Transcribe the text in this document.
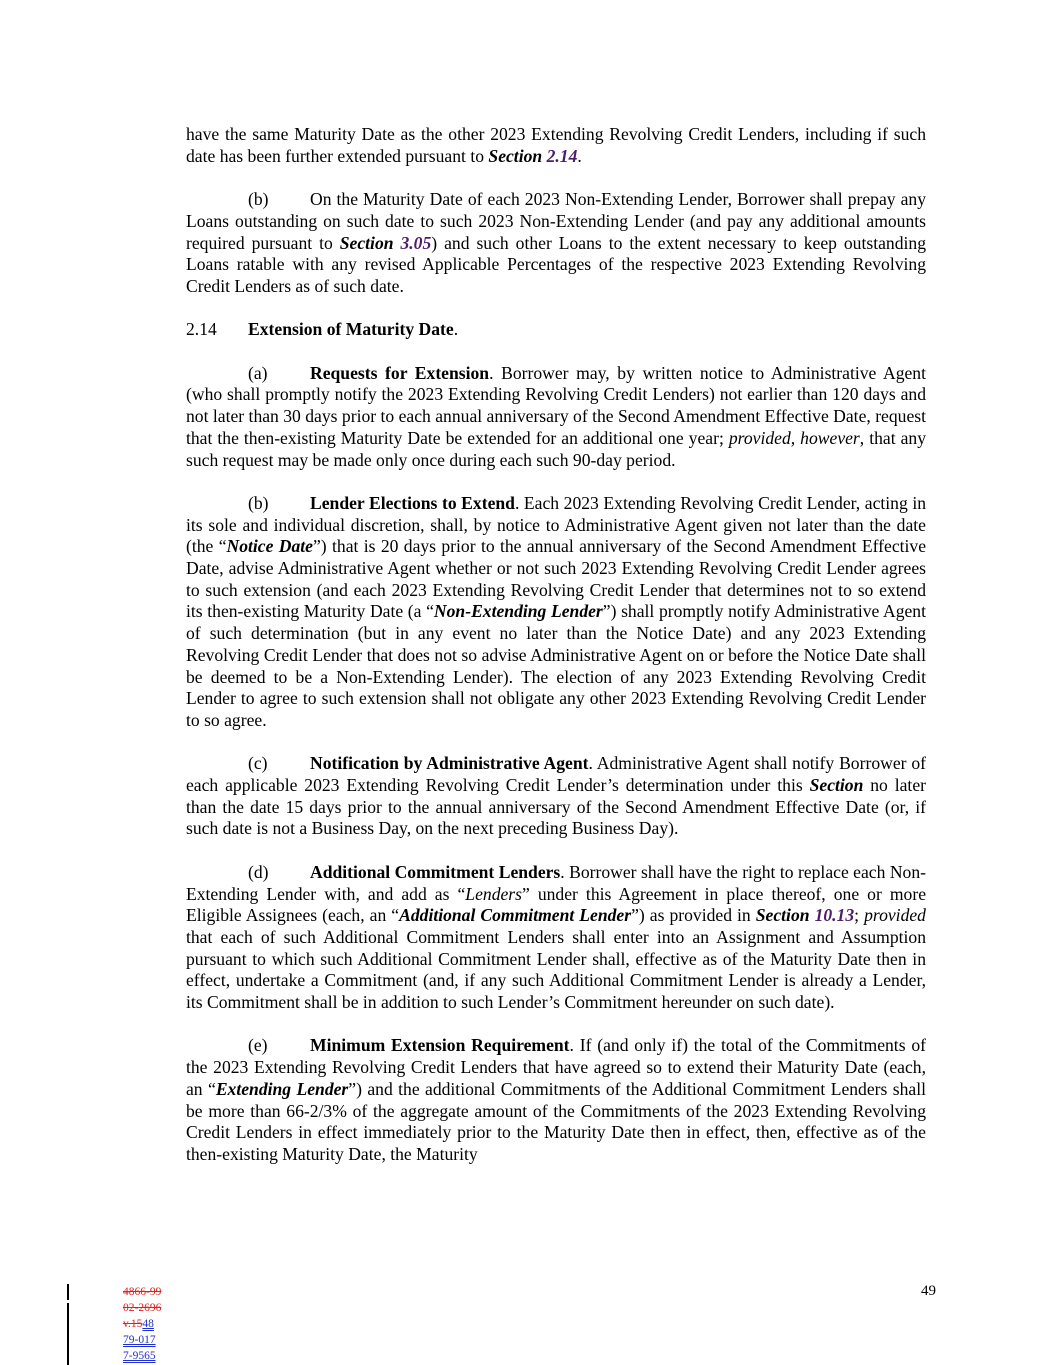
have the same Maturity Date as the other 2023 Extending Revolving Credit Lenders, including if such date has been further extended pursuant to Section 2.14.

(b) On the Maturity Date of each 2023 Non-Extending Lender, Borrower shall prepay any Loans outstanding on such date to such 2023 Non-Extending Lender (and pay any additional amounts required pursuant to Section 3.05) and such other Loans to the extent necessary to keep outstanding Loans ratable with any revised Applicable Percentages of the respective 2023 Extending Revolving Credit Lenders as of such date.

2.14 Extension of Maturity Date.

(a) Requests for Extension. Borrower may, by written notice to Administrative Agent (who shall promptly notify the 2023 Extending Revolving Credit Lenders) not earlier than 120 days and not later than 30 days prior to each annual anniversary of the Second Amendment Effective Date, request that the then-existing Maturity Date be extended for an additional one year; provided, however, that any such request may be made only once during each such 90-day period.

(b) Lender Elections to Extend. Each 2023 Extending Revolving Credit Lender, acting in its sole and individual discretion, shall, by notice to Administrative Agent given not later than the date (the “Notice Date”) that is 20 days prior to the annual anniversary of the Second Amendment Effective Date, advise Administrative Agent whether or not such 2023 Extending Revolving Credit Lender agrees to such extension (and each 2023 Extending Revolving Credit Lender that determines not to so extend its then-existing Maturity Date (a “Non-Extending Lender”) shall promptly notify Administrative Agent of such determination (but in any event no later than the Notice Date) and any 2023 Extending Revolving Credit Lender that does not so advise Administrative Agent on or before the Notice Date shall be deemed to be a Non-Extending Lender). The election of any 2023 Extending Revolving Credit Lender to agree to such extension shall not obligate any other 2023 Extending Revolving Credit Lender to so agree.

(c) Notification by Administrative Agent. Administrative Agent shall notify Borrower of each applicable 2023 Extending Revolving Credit Lender’s determination under this Section no later than the date 15 days prior to the annual anniversary of the Second Amendment Effective Date (or, if such date is not a Business Day, on the next preceding Business Day).

(d) Additional Commitment Lenders. Borrower shall have the right to replace each Non-Extending Lender with, and add as “Lenders” under this Agreement in place thereof, one or more Eligible Assignees (each, an “Additional Commitment Lender”) as provided in Section 10.13; provided that each of such Additional Commitment Lenders shall enter into an Assignment and Assumption pursuant to which such Additional Commitment Lender shall, effective as of the Maturity Date then in effect, undertake a Commitment (and, if any such Additional Commitment Lender is already a Lender, its Commitment shall be in addition to such Lender’s Commitment hereunder on such date).

(e) Minimum Extension Requirement. If (and only if) the total of the Commitments of the 2023 Extending Revolving Credit Lenders that have agreed so to extend their Maturity Date (each, an “Extending Lender”) and the additional Commitments of the Additional Commitment Lenders shall be more than 66-2/3% of the aggregate amount of the Commitments of the 2023 Extending Revolving Credit Lenders in effect immediately prior to the Maturity Date then in effect, then, effective as of the then-existing Maturity Date, the Maturity

4866-99
02-2696
v.1548
79-017
7-9565
49
